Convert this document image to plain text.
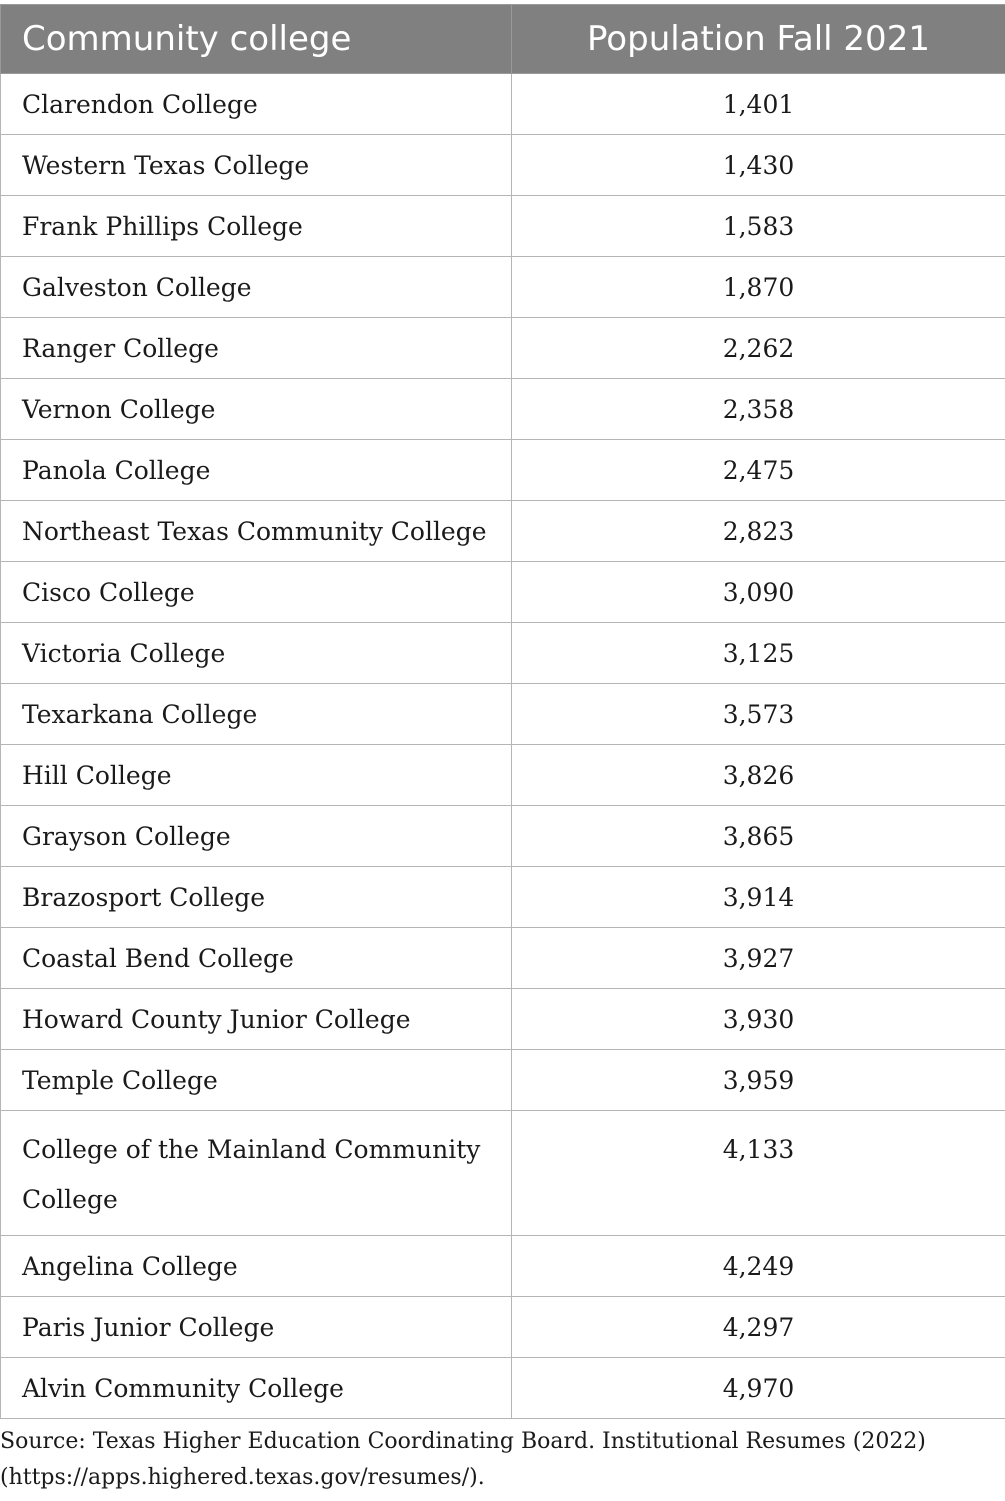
Community college	Population Fall 2021
Clarendon College	1,401
Western Texas College	1,430
Frank Phillips College	1,583
Galveston College	1,870
Ranger College	2,262
Vernon College	2,358
Panola College	2,475
Northeast Texas Community College	2,823
Cisco College	3,090
Victoria College	3,125
Texarkana College	3,573
Hill College	3,826
Grayson College	3,865
Brazosport College	3,914
Coastal Bend College	3,927
Howard County Junior College	3,930
Temple College	3,959
College of the Mainland Community College	4,133
Angelina College	4,249
Paris Junior College	4,297
Alvin Community College	4,970
Source: Texas Higher Education Coordinating Board. Institutional Resumes (2022) (https://apps.highered.texas.gov/resumes/).
